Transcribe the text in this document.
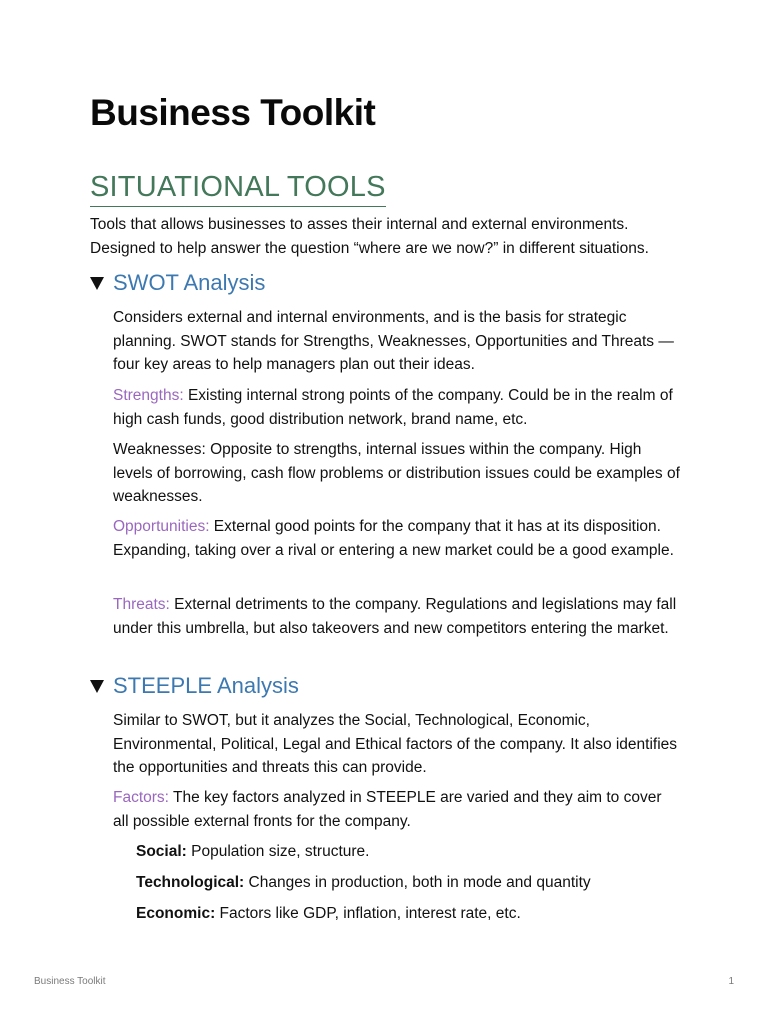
Business Toolkit
SITUATIONAL TOOLS

Tools that allows businesses to asses their internal and external environments. Designed to help answer the question “where are we now?” in different situations.

SWOT Analysis

Considers external and internal environments, and is the basis for strategic planning. SWOT stands for Strengths, Weaknesses, Opportunities and Threats — four key areas to help managers plan out their ideas.

Strengths: Existing internal strong points of the company. Could be in the realm of high cash funds, good distribution network, brand name, etc.

Weaknesses: Opposite to strengths, internal issues within the company. High levels of borrowing, cash flow problems or distribution issues could be examples of weaknesses.

Opportunities: External good points for the company that it has at its disposition. Expanding, taking over a rival or entering a new market could be a good example.

Threats: External detriments to the company. Regulations and legislations may fall under this umbrella, but also takeovers and new competitors entering the market.

STEEPLE Analysis

Similar to SWOT, but it analyzes the Social, Technological, Economic, Environmental, Political, Legal and Ethical factors of the company. It also identifies the opportunities and threats this can provide.

Factors: The key factors analyzed in STEEPLE are varied and they aim to cover all possible external fronts for the company.

Social: Population size, structure.

Technological: Changes in production, both in mode and quantity

Economic: Factors like GDP, inflation, interest rate, etc.

Business Toolkit	1
